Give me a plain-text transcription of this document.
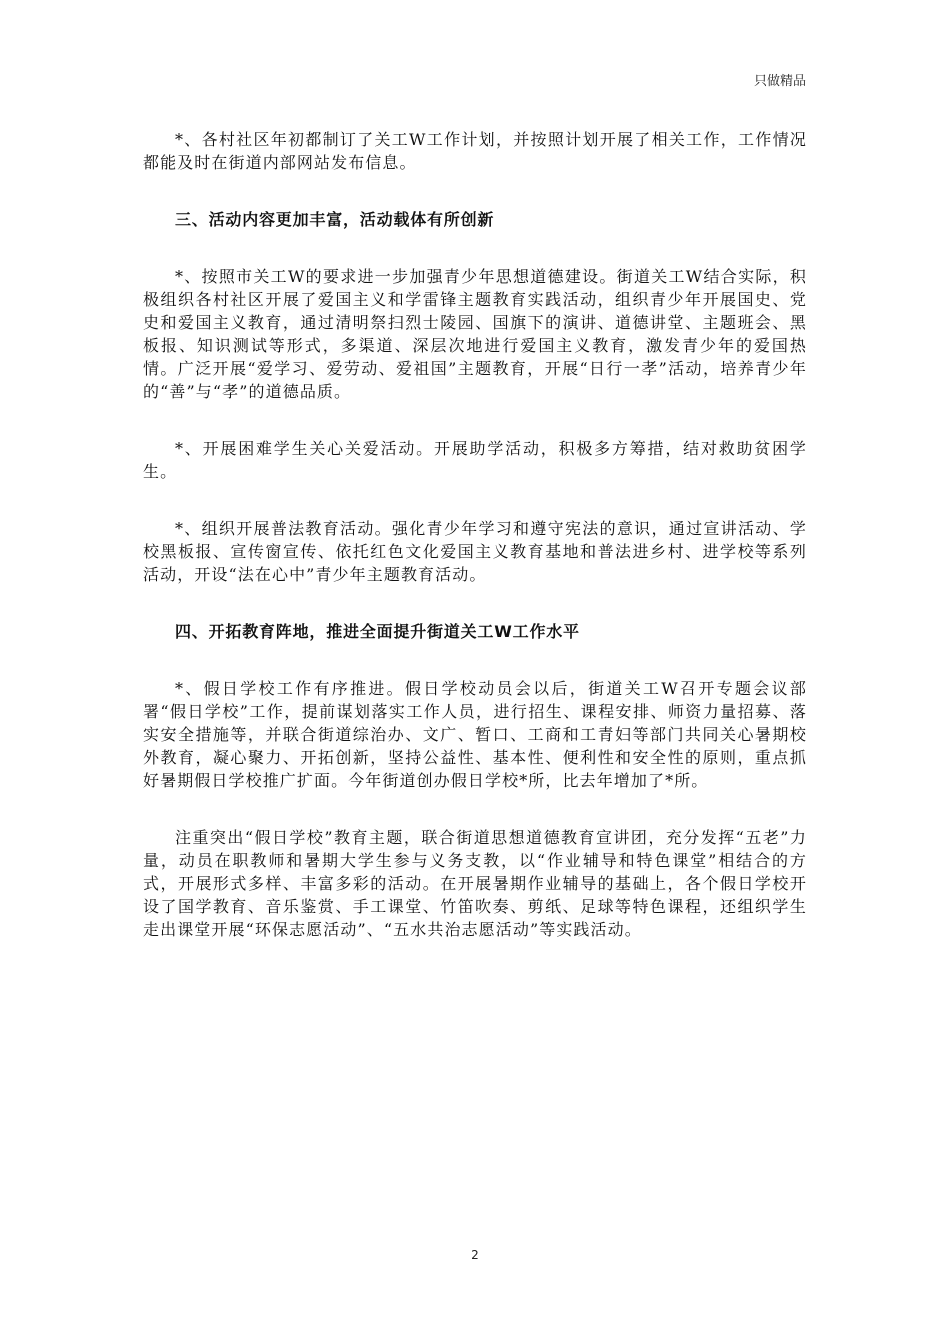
只做精品

*、各村社区年初都制订了关工W工作计划，并按照计划开展了相关工作，工作情况都能及时在街道内部网站发布信息。

三、活动内容更加丰富，活动载体有所创新

*、按照市关工W的要求进一步加强青少年思想道德建设。街道关工W结合实际，积极组织各村社区开展了爱国主义和学雷锋主题教育实践活动，组织青少年开展国史、党史和爱国主义教育，通过清明祭扫烈士陵园、国旗下的演讲、道德讲堂、主题班会、黑板报、知识测试等形式，多渠道、深层次地进行爱国主义教育，激发青少年的爱国热情。广泛开展“爱学习、爱劳动、爱祖国”主题教育，开展“日行一孝”活动，培养青少年的“善”与“孝”的道德品质。

*、开展困难学生关心关爱活动。开展助学活动，积极多方筹措，结对救助贫困学生。

*、组织开展普法教育活动。强化青少年学习和遵守宪法的意识，通过宣讲活动、学校黑板报、宣传窗宣传、依托红色文化爱国主义教育基地和普法进乡村、进学校等系列活动，开设“法在心中”青少年主题教育活动。

四、开拓教育阵地，推进全面提升街道关工W工作水平

*、假日学校工作有序推进。假日学校动员会以后，街道关工W召开专题会议部署“假日学校”工作，提前谋划落实工作人员，进行招生、课程安排、师资力量招募、落实安全措施等，并联合街道综治办、文广、暂口、工商和工青妇等部门共同关心暑期校外教育，凝心聚力、开拓创新，坚持公益性、基本性、便利性和安全性的原则，重点抓好暑期假日学校推广扩面。今年街道创办假日学校*所，比去年增加了*所。

注重突出“假日学校”教育主题，联合街道思想道德教育宣讲团，充分发挥“五老”力量，动员在职教师和暑期大学生参与义务支教，以“作业辅导和特色课堂”相结合的方式，开展形式多样、丰富多彩的活动。在开展暑期作业辅导的基础上，各个假日学校开设了国学教育、音乐鉴赏、手工课堂、竹笛吹奏、剪纸、足球等特色课程，还组织学生走出课堂开展“环保志愿活动”、“五水共治志愿活动”等实践活动。

2
